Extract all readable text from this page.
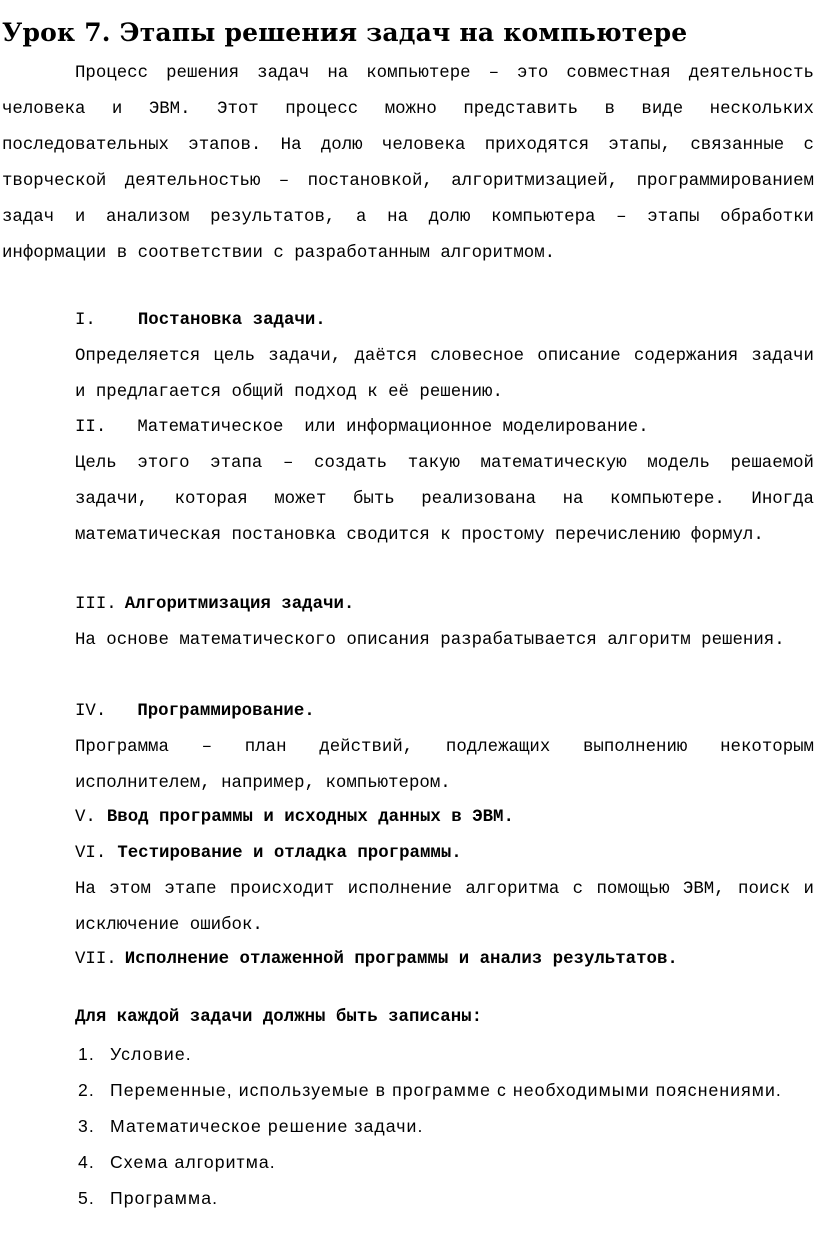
Урок 7. Этапы решения задач на компьютере

Процесс решения задач на компьютере – это совместная деятельность человека и ЭВМ. Этот процесс можно представить в виде нескольких последовательных этапов. На долю человека приходятся этапы, связанные с творческой деятельностью – постановкой, алгоритмизацией, программированием задач и анализом результатов, а на долю компьютера – этапы обработки информации в соответствии с разработанным алгоритмом.

I. Постановка задачи.

Определяется цель задачи, даётся словесное описание содержания задачи и предлагается общий подход к её решению.

II. Математическое  или информационное моделирование.

Цель этого этапа – создать такую математическую модель решаемой задачи, которая может быть реализована на компьютере. Иногда математическая постановка сводится к простому перечислению формул.

III. Алгоритмизация задачи.

На основе математического описания разрабатывается алгоритм решения.

IV. Программирование.

Программа – план действий, подлежащих выполнению некоторым исполнителем, например, компьютером.

V. Ввод программы и исходных данных в ЭВМ.
VI. Тестирование и отладка программы.

На этом этапе происходит исполнение алгоритма с помощью ЭВМ, поиск и исключение ошибок.

VII. Исполнение отлаженной программы и анализ результатов.
Для каждой задачи должны быть записаны:
1. Условие.
2. Переменные, используемые в программе с необходимыми пояснениями.
3. Математическое решение задачи.
4. Схема алгоритма.
5. Программа.
